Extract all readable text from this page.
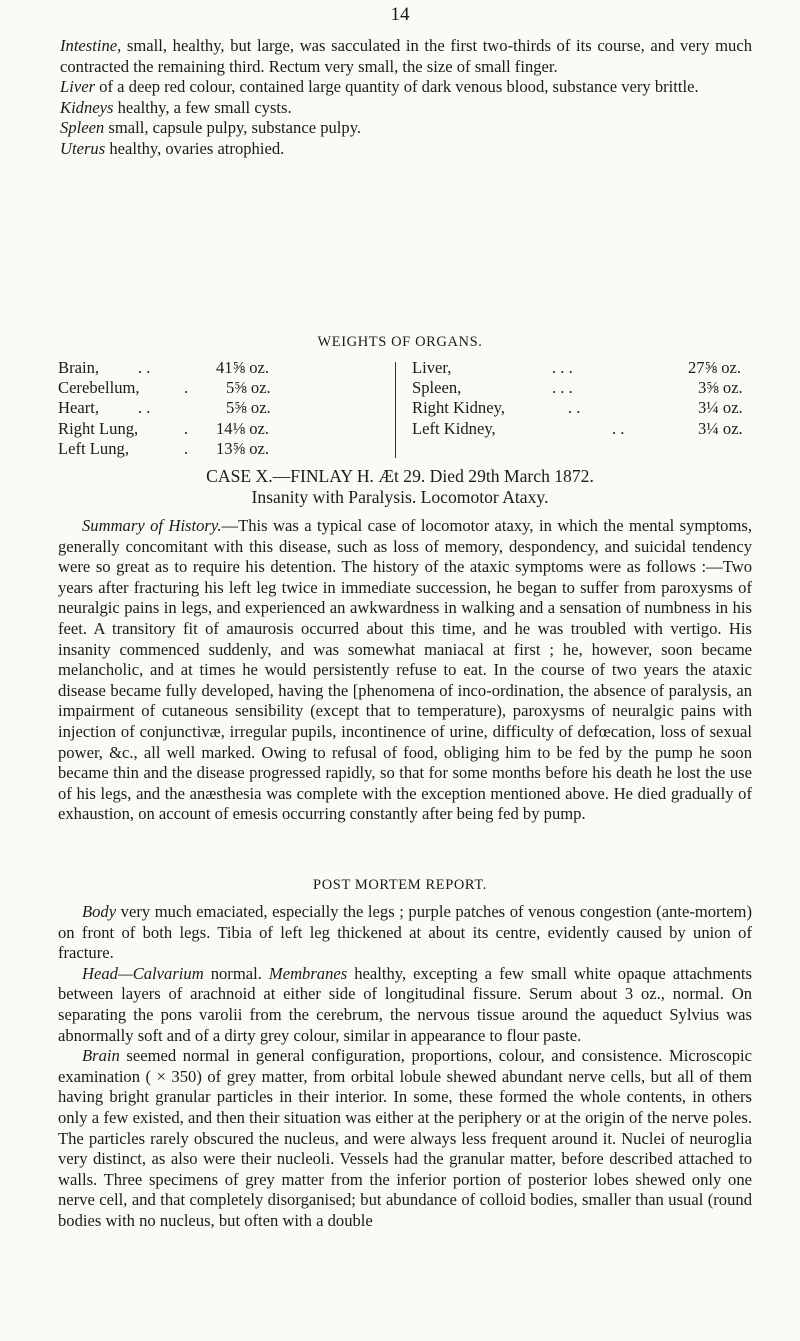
14

Intestine, small, healthy, but large, was sacculated in the first two-thirds of its course, and very much contracted the remaining third. Rectum very small, the size of small finger.

Liver of a deep red colour, contained large quantity of dark venous blood, substance very brittle.

Kidneys healthy, a few small cysts.

Spleen small, capsule pulpy, substance pulpy.

Uterus healthy, ovaries atrophied.

WEIGHTS OF ORGANS.
Brain, . .	41⅝ oz.
Cerebellum,	. 5⅝ oz.
Heart, . .	5⅝ oz.
Right Lung,	. 14⅛ oz.
Left Lung,	. 13⅝ oz.
Liver,	. . .	27⅝ oz.
Spleen,	. . .	3⅝ oz.
Right Kidney,	. .	3¼ oz.
Left Kidney,	. .	3¼ oz.
CASE X.—FINLAY H. Æt 29. Died 29th March 1872.
Insanity with Paralysis. Locomotor Ataxy.

Summary of History.—This was a typical case of locomotor ataxy, in which the mental symptoms, generally concomitant with this disease, such as loss of memory, despondency, and suicidal tendency were so great as to require his detention. The history of the ataxic symptoms were as follows :—Two years after fracturing his left leg twice in immediate succession, he began to suffer from paroxysms of neuralgic pains in legs, and experienced an awkwardness in walking and a sensation of numbness in his feet. A transitory fit of amaurosis occurred about this time, and he was troubled with vertigo. His insanity commenced suddenly, and was somewhat maniacal at first ; he, however, soon became melancholic, and at times he would persistently refuse to eat. In the course of two years the ataxic disease became fully developed, having the [phenomena of inco-ordination, the absence of paralysis, an impairment of cutaneous sensibility (except that to temperature), paroxysms of neuralgic pains with injection of conjunctivæ, irregular pupils, incontinence of urine, difficulty of defœcation, loss of sexual power, &c., all well marked. Owing to refusal of food, obliging him to be fed by the pump he soon became thin and the disease progressed rapidly, so that for some months before his death he lost the use of his legs, and the anæsthesia was complete with the exception mentioned above. He died gradually of exhaustion, on account of emesis occurring constantly after being fed by pump.

POST MORTEM REPORT.

Body very much emaciated, especially the legs ; purple patches of venous congestion (ante-mortem) on front of both legs. Tibia of left leg thickened at about its centre, evidently caused by union of fracture.

Head—Calvarium normal. Membranes healthy, excepting a few small white opaque attachments between layers of arachnoid at either side of longitudinal fissure. Serum about 3 oz., normal. On separating the pons varolii from the cerebrum, the nervous tissue around the aqueduct Sylvius was abnormally soft and of a dirty grey colour, similar in appearance to flour paste.

Brain seemed normal in general configuration, proportions, colour, and consistence. Microscopic examination ( × 350) of grey matter, from orbital lobule shewed abundant nerve cells, but all of them having bright granular particles in their interior. In some, these formed the whole contents, in others only a few existed, and then their situation was either at the periphery or at the origin of the nerve poles. The particles rarely obscured the nucleus, and were always less frequent around it. Nuclei of neuroglia very distinct, as also were their nucleoli. Vessels had the granular matter, before described attached to walls. Three specimens of grey matter from the inferior portion of posterior lobes shewed only one nerve cell, and that completely disorganised; but abundance of colloid bodies, smaller than usual (round bodies with no nucleus, but often with a double
